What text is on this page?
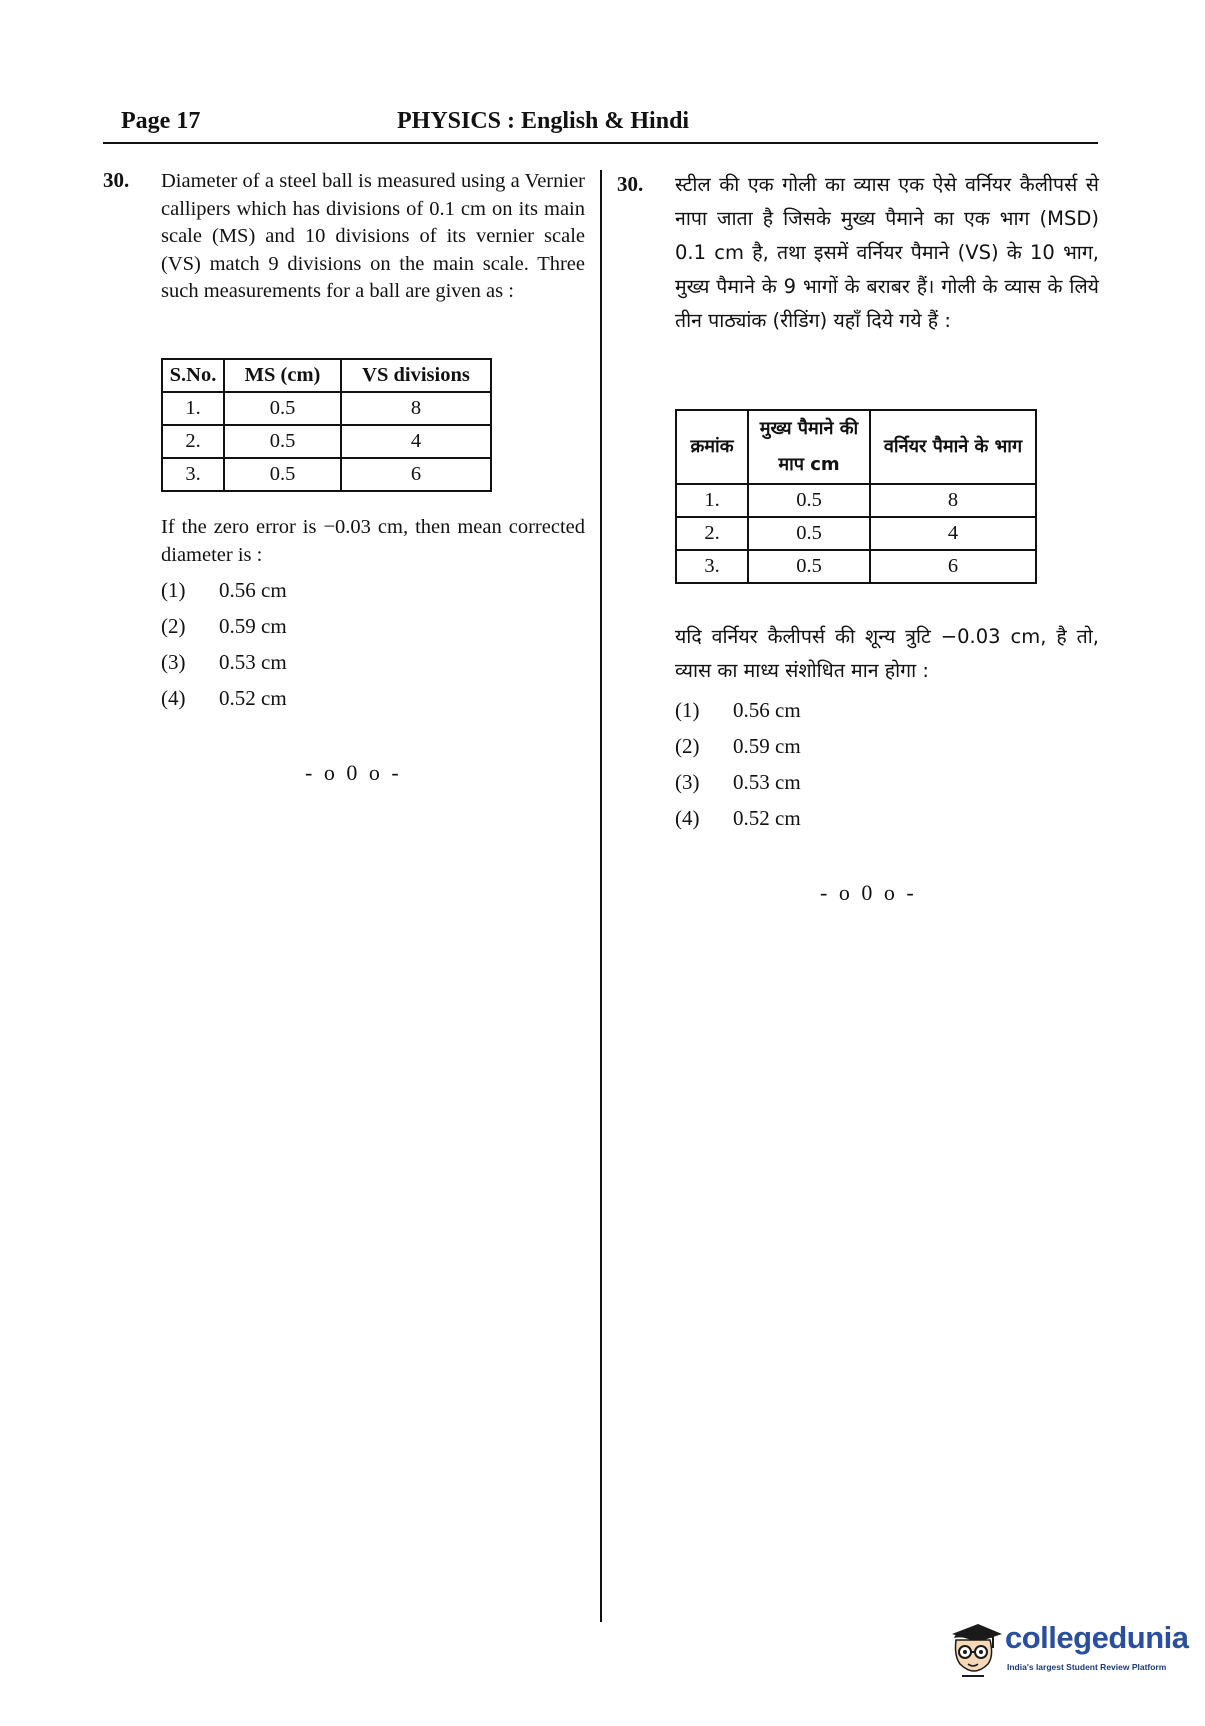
Page 17	PHYSICS : English & Hindi
30. Diameter of a steel ball is measured using a Vernier callipers which has divisions of 0.1 cm on its main scale (MS) and 10 divisions of its vernier scale (VS) match 9 divisions on the main scale. Three such measurements for a ball are given as :
S.No.	MS (cm)	VS divisions
1.	0.5	8
2.	0.5	4
3.	0.5	6
If the zero error is −0.03 cm, then mean corrected diameter is :
(1) 0.56 cm
(2) 0.59 cm
(3) 0.53 cm
(4) 0.52 cm
- o 0 o -
30. स्टील की एक गोली का व्यास एक ऐसे वर्नियर कैलीपर्स से नापा जाता है जिसके मुख्य पैमाने का एक भाग (MSD) 0.1 cm है, तथा इसमें वर्नियर पैमाने (VS) के 10 भाग, मुख्य पैमाने के 9 भागों के बराबर हैं। गोली के व्यास के लिये तीन पाठ्यांक (रीडिंग) यहाँ दिये गये हैं :
क्रमांक	मुख्य पैमाने की माप cm	वर्नियर पैमाने के भाग
1.	0.5	8
2.	0.5	4
3.	0.5	6
यदि वर्नियर कैलीपर्स की शून्य त्रुटि −0.03 cm, है तो, व्यास का माध्य संशोधित मान होगा :
(1) 0.56 cm
(2) 0.59 cm
(3) 0.53 cm
(4) 0.52 cm
- o 0 o -
collegedunia
India's largest Student Review Platform
